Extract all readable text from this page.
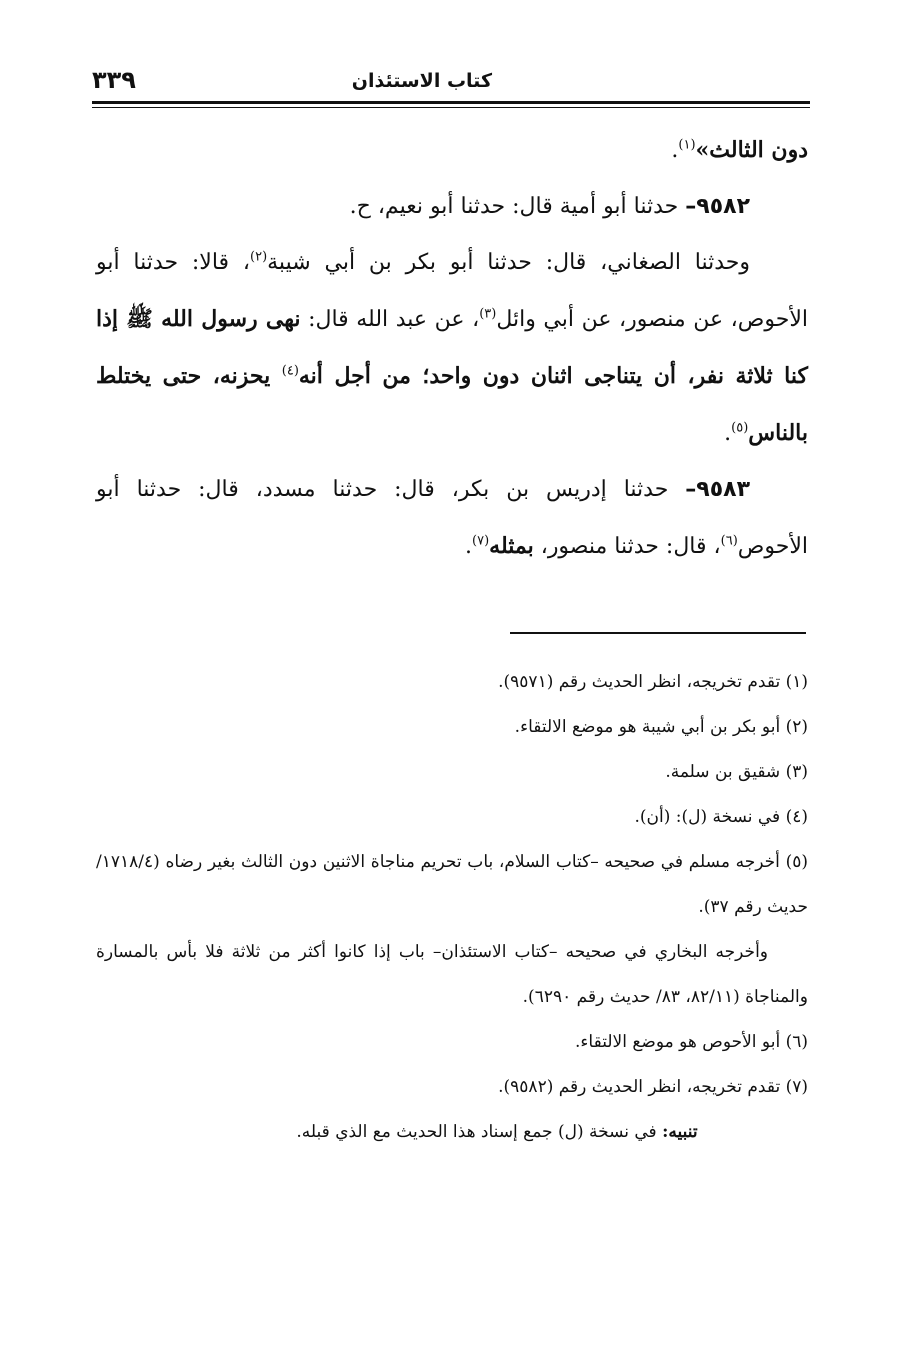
كتاب الاستئذان
٣٣٩

دون الثالث»$^{(١)}$.

٩٥٨٢– حدثنا أبو أمية قال: حدثنا أبو نعيم، ح.

وحدثنا الصغاني، قال: حدثنا أبو بكر بن أبي شيبة$^{(٢)}$، قالا: حدثنا أبو الأحوص، عن منصور، عن أبي وائل$^{(٣)}$، عن عبد الله قال: نهى رسول الله ﷺ إذا كنا ثلاثة نفر، أن يتناجى اثنان دون واحد؛ من أجل أنه$^{(٤)}$ يحزنه، حتى يختلط بالناس$^{(٥)}$.

٩٥٨٣– حدثنا إدريس بن بكر، قال: حدثنا مسدد، قال: حدثنا أبو الأحوص$^{(٦)}$، قال: حدثنا منصور، بمثله$^{(٧)}$.

(١) تقدم تخريجه، انظر الحديث رقم (٩٥٧١).

(٢) أبو بكر بن أبي شيبة هو موضع الالتقاء.

(٣) شقيق بن سلمة.

(٤) في نسخة (ل): (أن).

(٥) أخرجه مسلم في صحيحه –كتاب السلام، باب تحريم مناجاة الاثنين دون الثالث بغير رضاه (١٧١٨/٤/ حديث رقم ٣٧).

وأخرجه البخاري في صحيحه –كتاب الاستئذان– باب إذا كانوا أكثر من ثلاثة فلا بأس بالمسارة والمناجاة (٨٢/١١، ٨٣/ حديث رقم ٦٢٩٠).

(٦) أبو الأحوص هو موضع الالتقاء.

(٧) تقدم تخريجه، انظر الحديث رقم (٩٥٨٢).

تنبيه: في نسخة (ل) جمع إسناد هذا الحديث مع الذي قبله.
